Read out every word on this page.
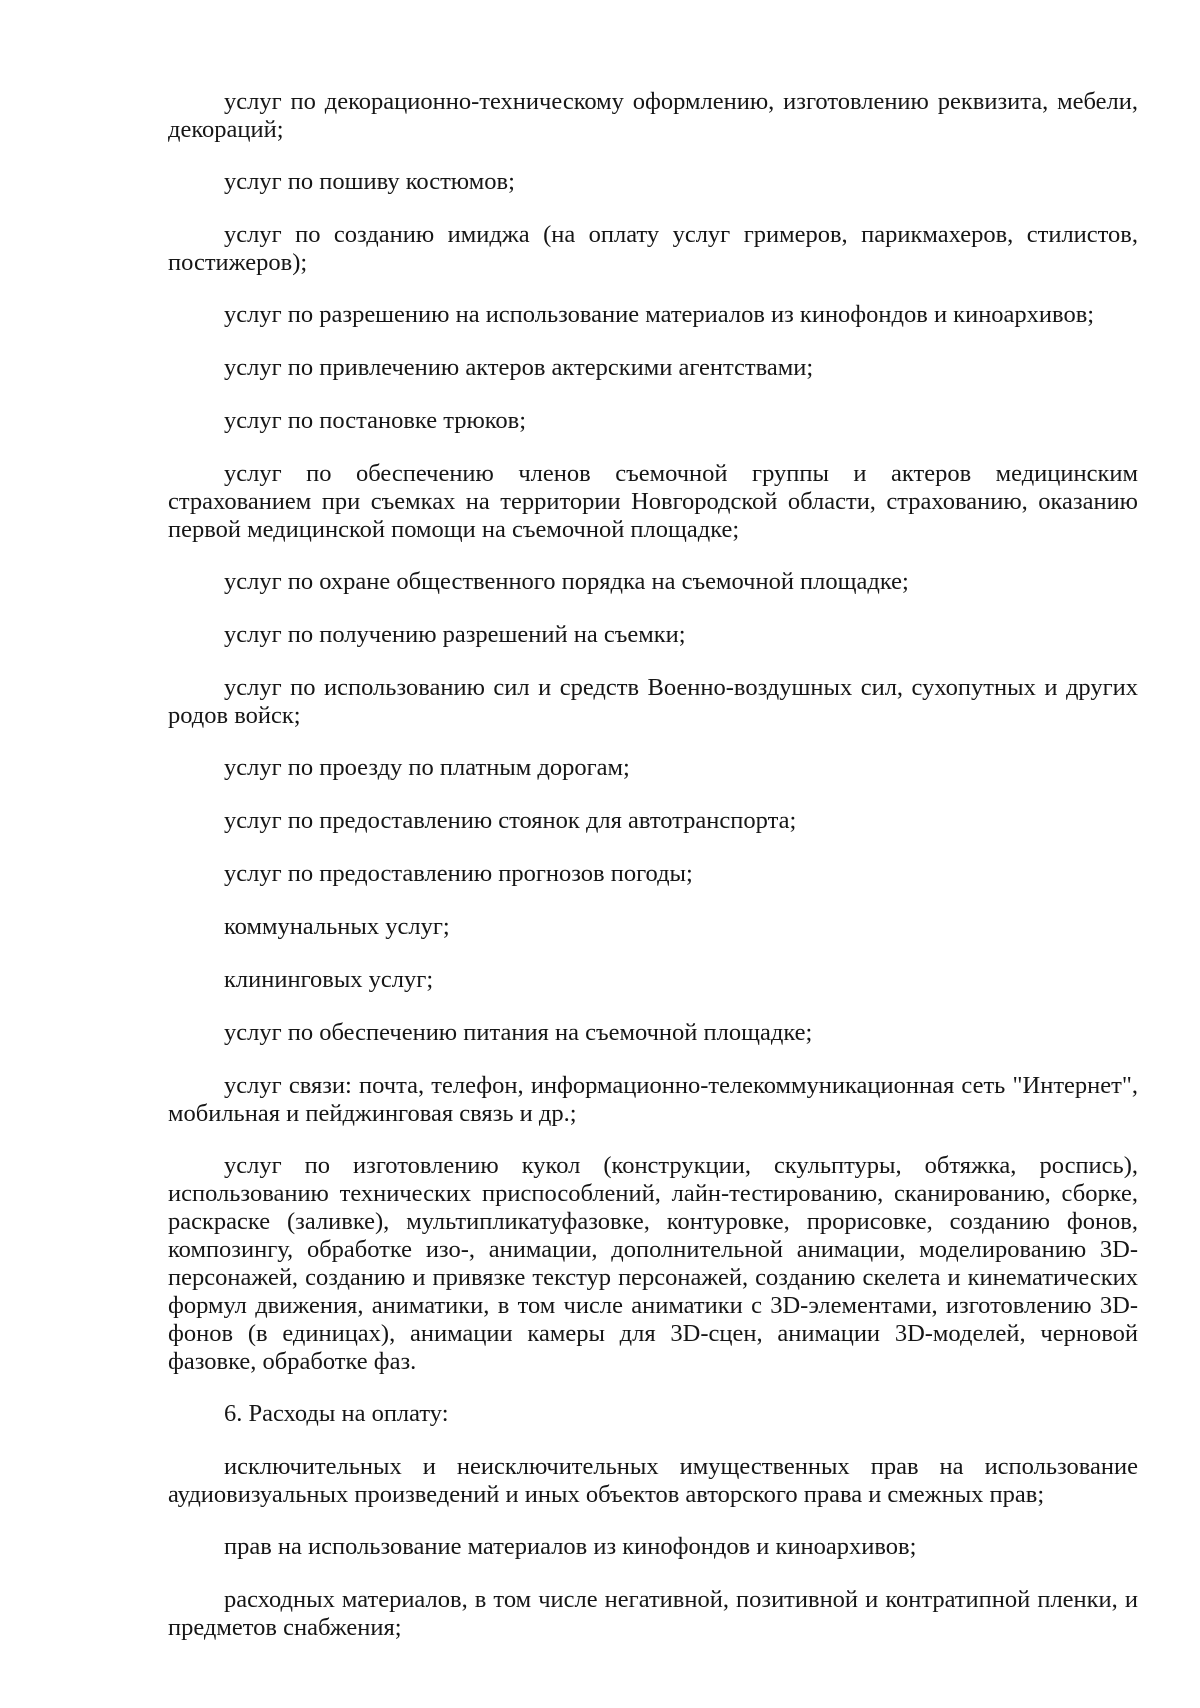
услуг по декорационно-техническому оформлению, изготовлению реквизита, мебели, декораций;

услуг по пошиву костюмов;

услуг по созданию имиджа (на оплату услуг гримеров, парикмахеров, стилистов, постижеров);

услуг по разрешению на использование материалов из кинофондов и киноархивов;

услуг по привлечению актеров актерскими агентствами;

услуг по постановке трюков;

услуг по обеспечению членов съемочной группы и актеров медицинским страхованием при съемках на территории Новгородской области, страхованию, оказанию первой медицинской помощи на съемочной площадке;

услуг по охране общественного порядка на съемочной площадке;

услуг по получению разрешений на съемки;

услуг по использованию сил и средств Военно-воздушных сил, сухопутных и других родов войск;

услуг по проезду по платным дорогам;

услуг по предоставлению стоянок для автотранспорта;

услуг по предоставлению прогнозов погоды;

коммунальных услуг;

клининговых услуг;

услуг по обеспечению питания на съемочной площадке;

услуг связи: почта, телефон, информационно-телекоммуникационная сеть "Интернет", мобильная и пейджинговая связь и др.;

услуг по изготовлению кукол (конструкции, скульптуры, обтяжка, роспись), использованию технических приспособлений, лайн-тестированию, сканированию, сборке, раскраске (заливке), мультипликатуфазовке, контуровке, прорисовке, созданию фонов, композингу, обработке изо-, анимации, дополнительной анимации, моделированию 3D-персонажей, созданию и привязке текстур персонажей, созданию скелета и кинематических формул движения, аниматики, в том числе аниматики с 3D-элементами, изготовлению 3D-фонов (в единицах), анимации камеры для 3D-сцен, анимации 3D-моделей, черновой фазовке, обработке фаз.

6. Расходы на оплату:

исключительных и неисключительных имущественных прав на использование аудиовизуальных произведений и иных объектов авторского права и смежных прав;

прав на использование материалов из кинофондов и киноархивов;

расходных материалов, в том числе негативной, позитивной и контратипной пленки, и предметов снабжения;
